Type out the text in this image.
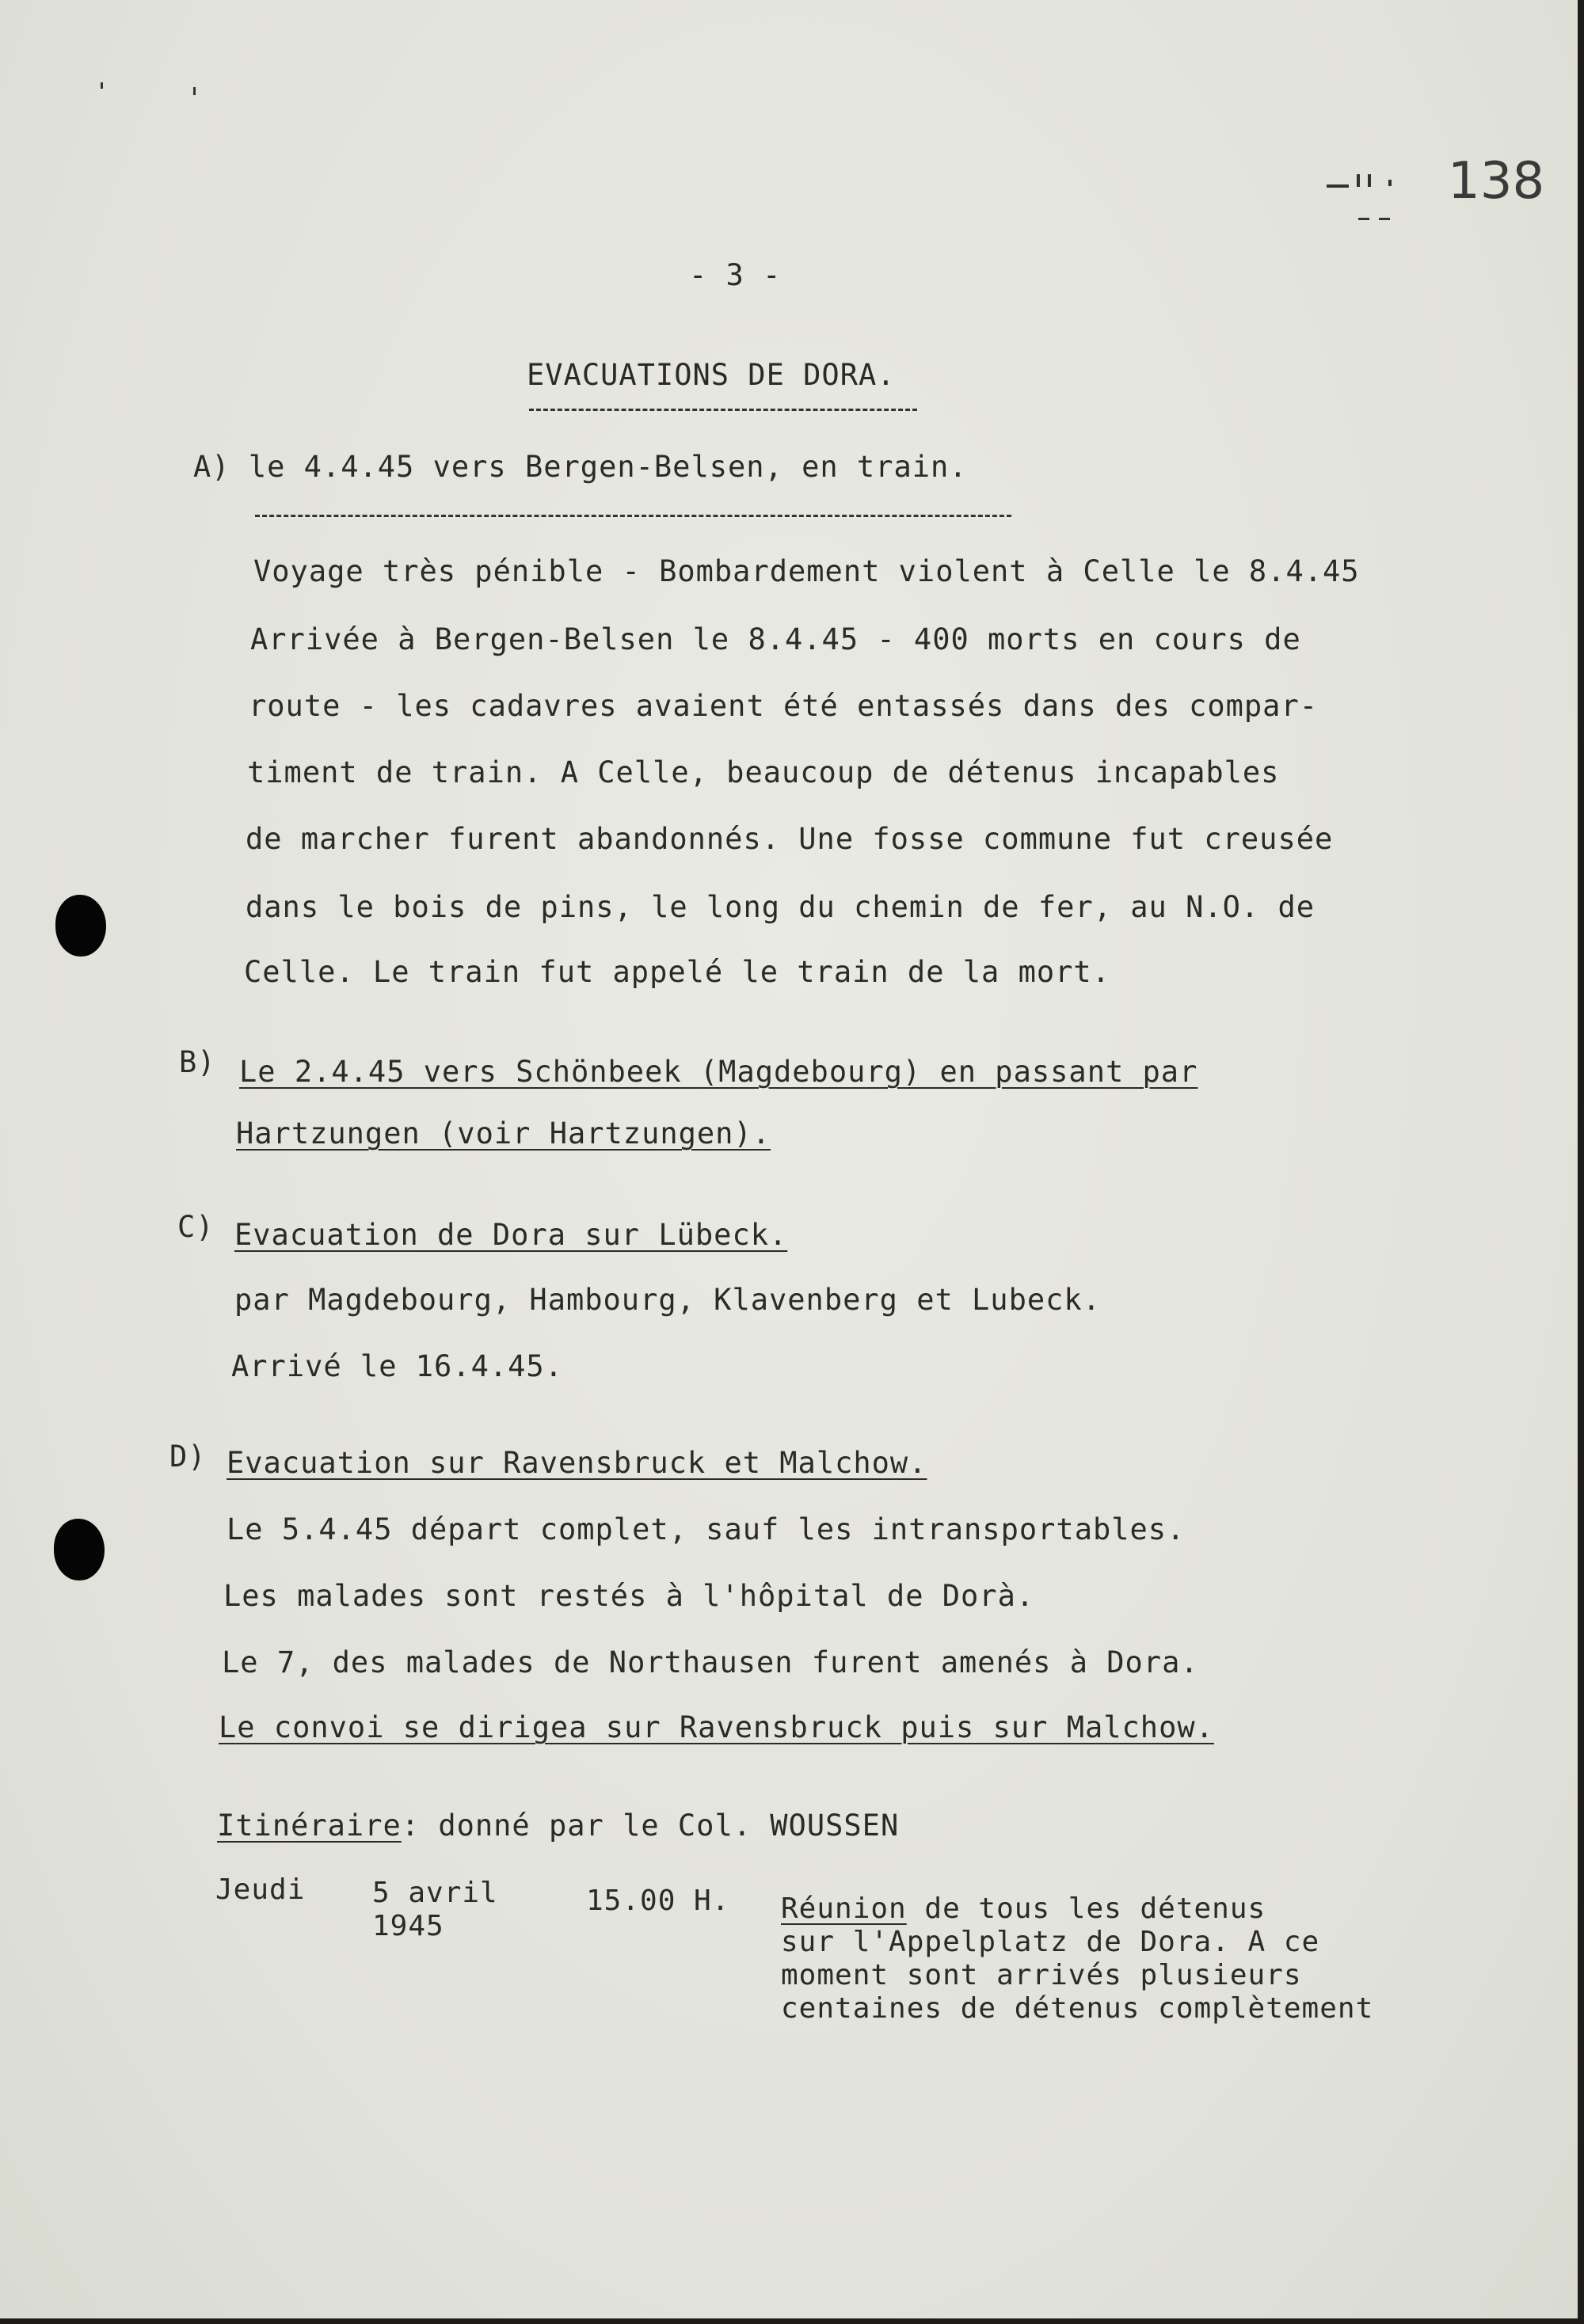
138
- 3 -
EVACUATIONS DE DORA.
A) le 4.4.45 vers Bergen-Belsen, en train.
Voyage très pénible - Bombardement violent à Celle le 8.4.45
Arrivée à Bergen-Belsen le 8.4.45 - 400 morts en cours de
route - les cadavres avaient été entassés dans des compar-
timent de train. A Celle, beaucoup de détenus incapables
de marcher furent abandonnés. Une fosse commune fut creusée
dans le bois de pins, le long du chemin de fer, au N.O. de
Celle. Le train fut appelé le train de la mort.
B) Le 2.4.45 vers Schönbeek (Magdebourg) en passant par
Hartzungen (voir Hartzungen).
C) Evacuation de Dora sur Lübeck.
par Magdebourg, Hambourg, Klavenberg et Lubeck.
Arrivé le 16.4.45.
D) Evacuation sur Ravensbruck et Malchow.
Le 5.4.45 départ complet, sauf les intransportables.
Les malades sont restés à l'hôpital de Dorà.
Le 7, des malades de Northausen furent amenés à Dora.
Le convoi se dirigea sur Ravensbruck puis sur Malchow.
Itinéraire: donné par le Col. WOUSSEN
Jeudi 5 avril
1945
15.00 H. Réunion de tous les détenus
sur l'Appelplatz de Dora. A ce
moment sont arrivés plusieurs
centaines de détenus complètement
